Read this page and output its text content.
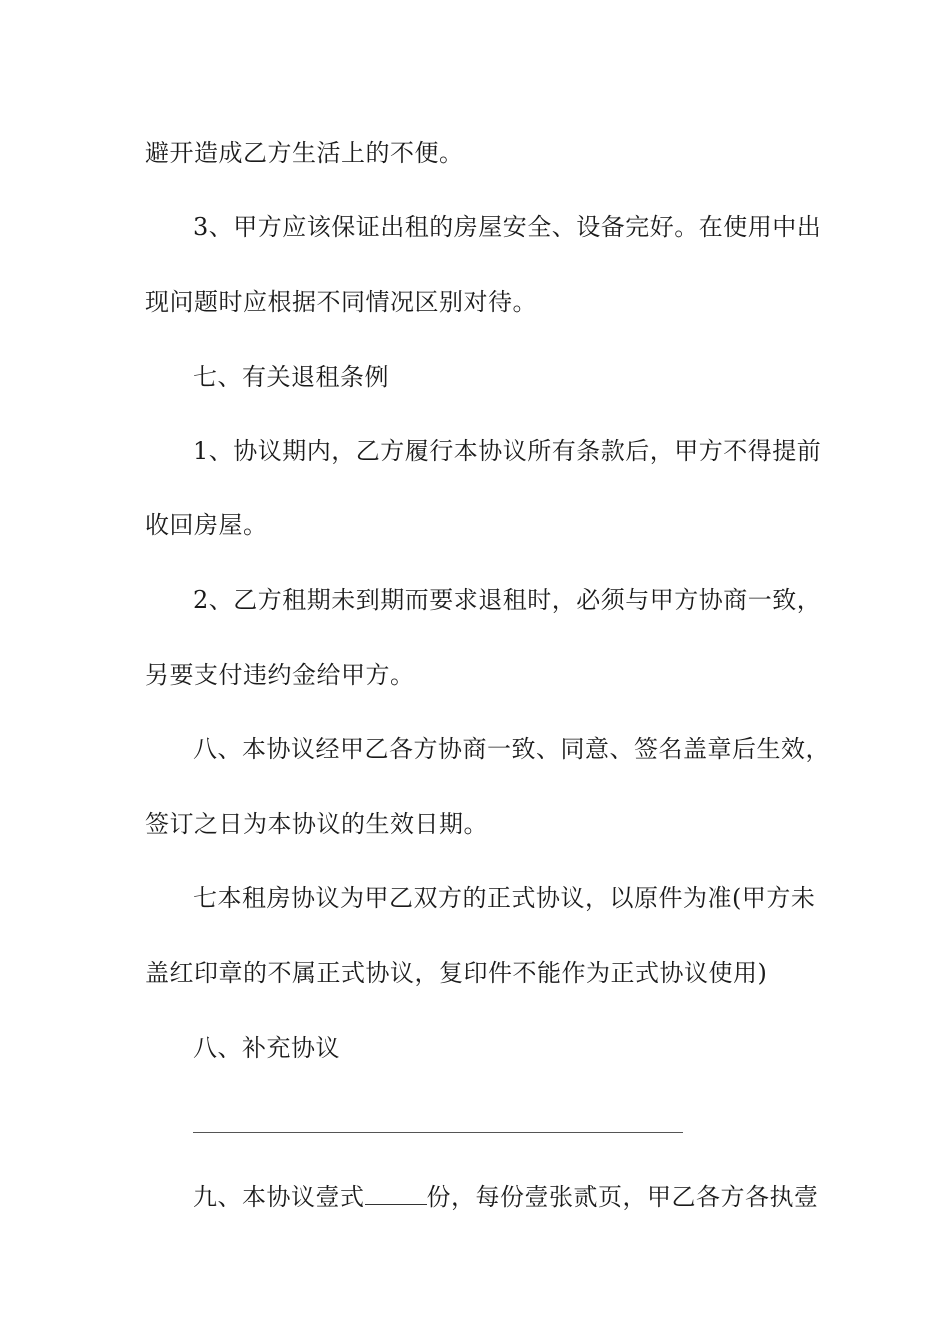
避开造成乙方生活上的不便。
3、甲方应该保证出租的房屋安全、设备完好。在使用中出
现问题时应根据不同情况区别对待。
七、有关退租条例
1、协议期内，乙方履行本协议所有条款后，甲方不得提前
收回房屋。
2、乙方租期未到期而要求退租时，必须与甲方协商一致，
另要支付违约金给甲方。
八、本协议经甲乙各方协商一致、同意、签名盖章后生效，
签订之日为本协议的生效日期。
七本租房协议为甲乙双方的正式协议，以原件为准(甲方未
盖红印章的不属正式协议，复印件不能作为正式协议使用)
八、补充协议
九、本协议壹式	份，每份壹张贰页，甲乙各方各执壹
